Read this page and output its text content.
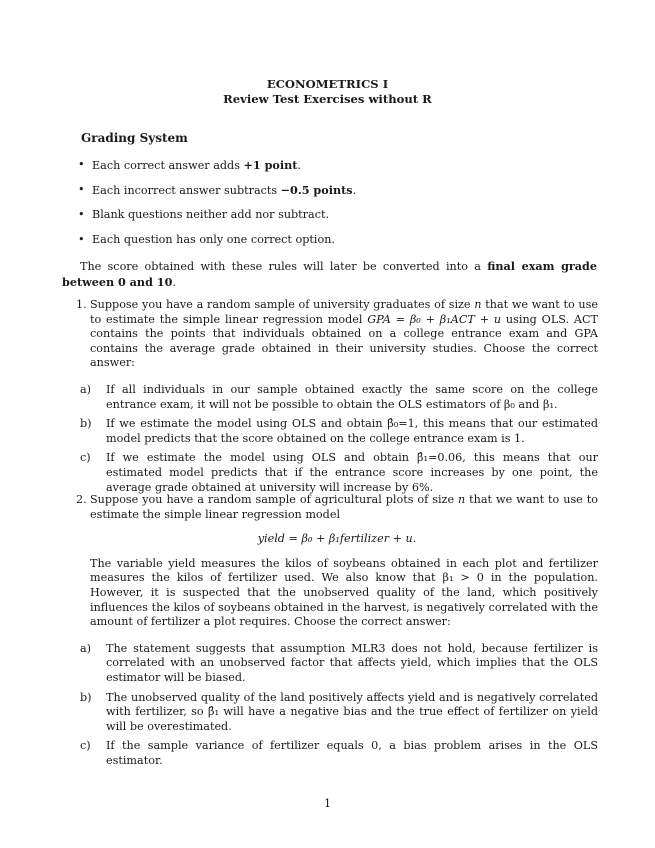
ECONOMETRICS I
Review Test Exercises without R
Grading System
• Each correct answer adds +1 point.
• Each incorrect answer subtracts −0.5 points.
• Blank questions neither add nor subtract.
• Each question has only one correct option.
The score obtained with these rules will later be converted into a final exam grade between 0 and 10.
1. Suppose you have a random sample of university graduates of size n that we want to use to estimate the simple linear regression model GPA = β₀ + β₁ACT + u using OLS. ACT contains the points that individuals obtained on a college entrance exam and GPA contains the average grade obtained in their university studies. Choose the correct answer:
a) If all individuals in our sample obtained exactly the same score on the college entrance exam, it will not be possible to obtain the OLS estimators of β₀ and β₁.
b) If we estimate the model using OLS and obtain β̂₀=1, this means that our estimated model predicts that the score obtained on the college entrance exam is 1.
c) If we estimate the model using OLS and obtain β̂₁=0.06, this means that our estimated model predicts that if the entrance score increases by one point, the average grade obtained at university will increase by 6%.
2. Suppose you have a random sample of agricultural plots of size n that we want to use to estimate the simple linear regression model
yield = β₀ + β₁fertilizer + u.
The variable yield measures the kilos of soybeans obtained in each plot and fertilizer measures the kilos of fertilizer used. We also know that β₁ > 0 in the population. However, it is suspected that the unobserved quality of the land, which positively influences the kilos of soybeans obtained in the harvest, is negatively correlated with the amount of fertilizer a plot requires. Choose the correct answer:
a) The statement suggests that assumption MLR3 does not hold, because fertilizer is correlated with an unobserved factor that affects yield, which implies that the OLS estimator will be biased.
b) The unobserved quality of the land positively affects yield and is negatively correlated with fertilizer, so β̂₁ will have a negative bias and the true effect of fertilizer on yield will be overestimated.
c) If the sample variance of fertilizer equals 0, a bias problem arises in the OLS estimator.
1
